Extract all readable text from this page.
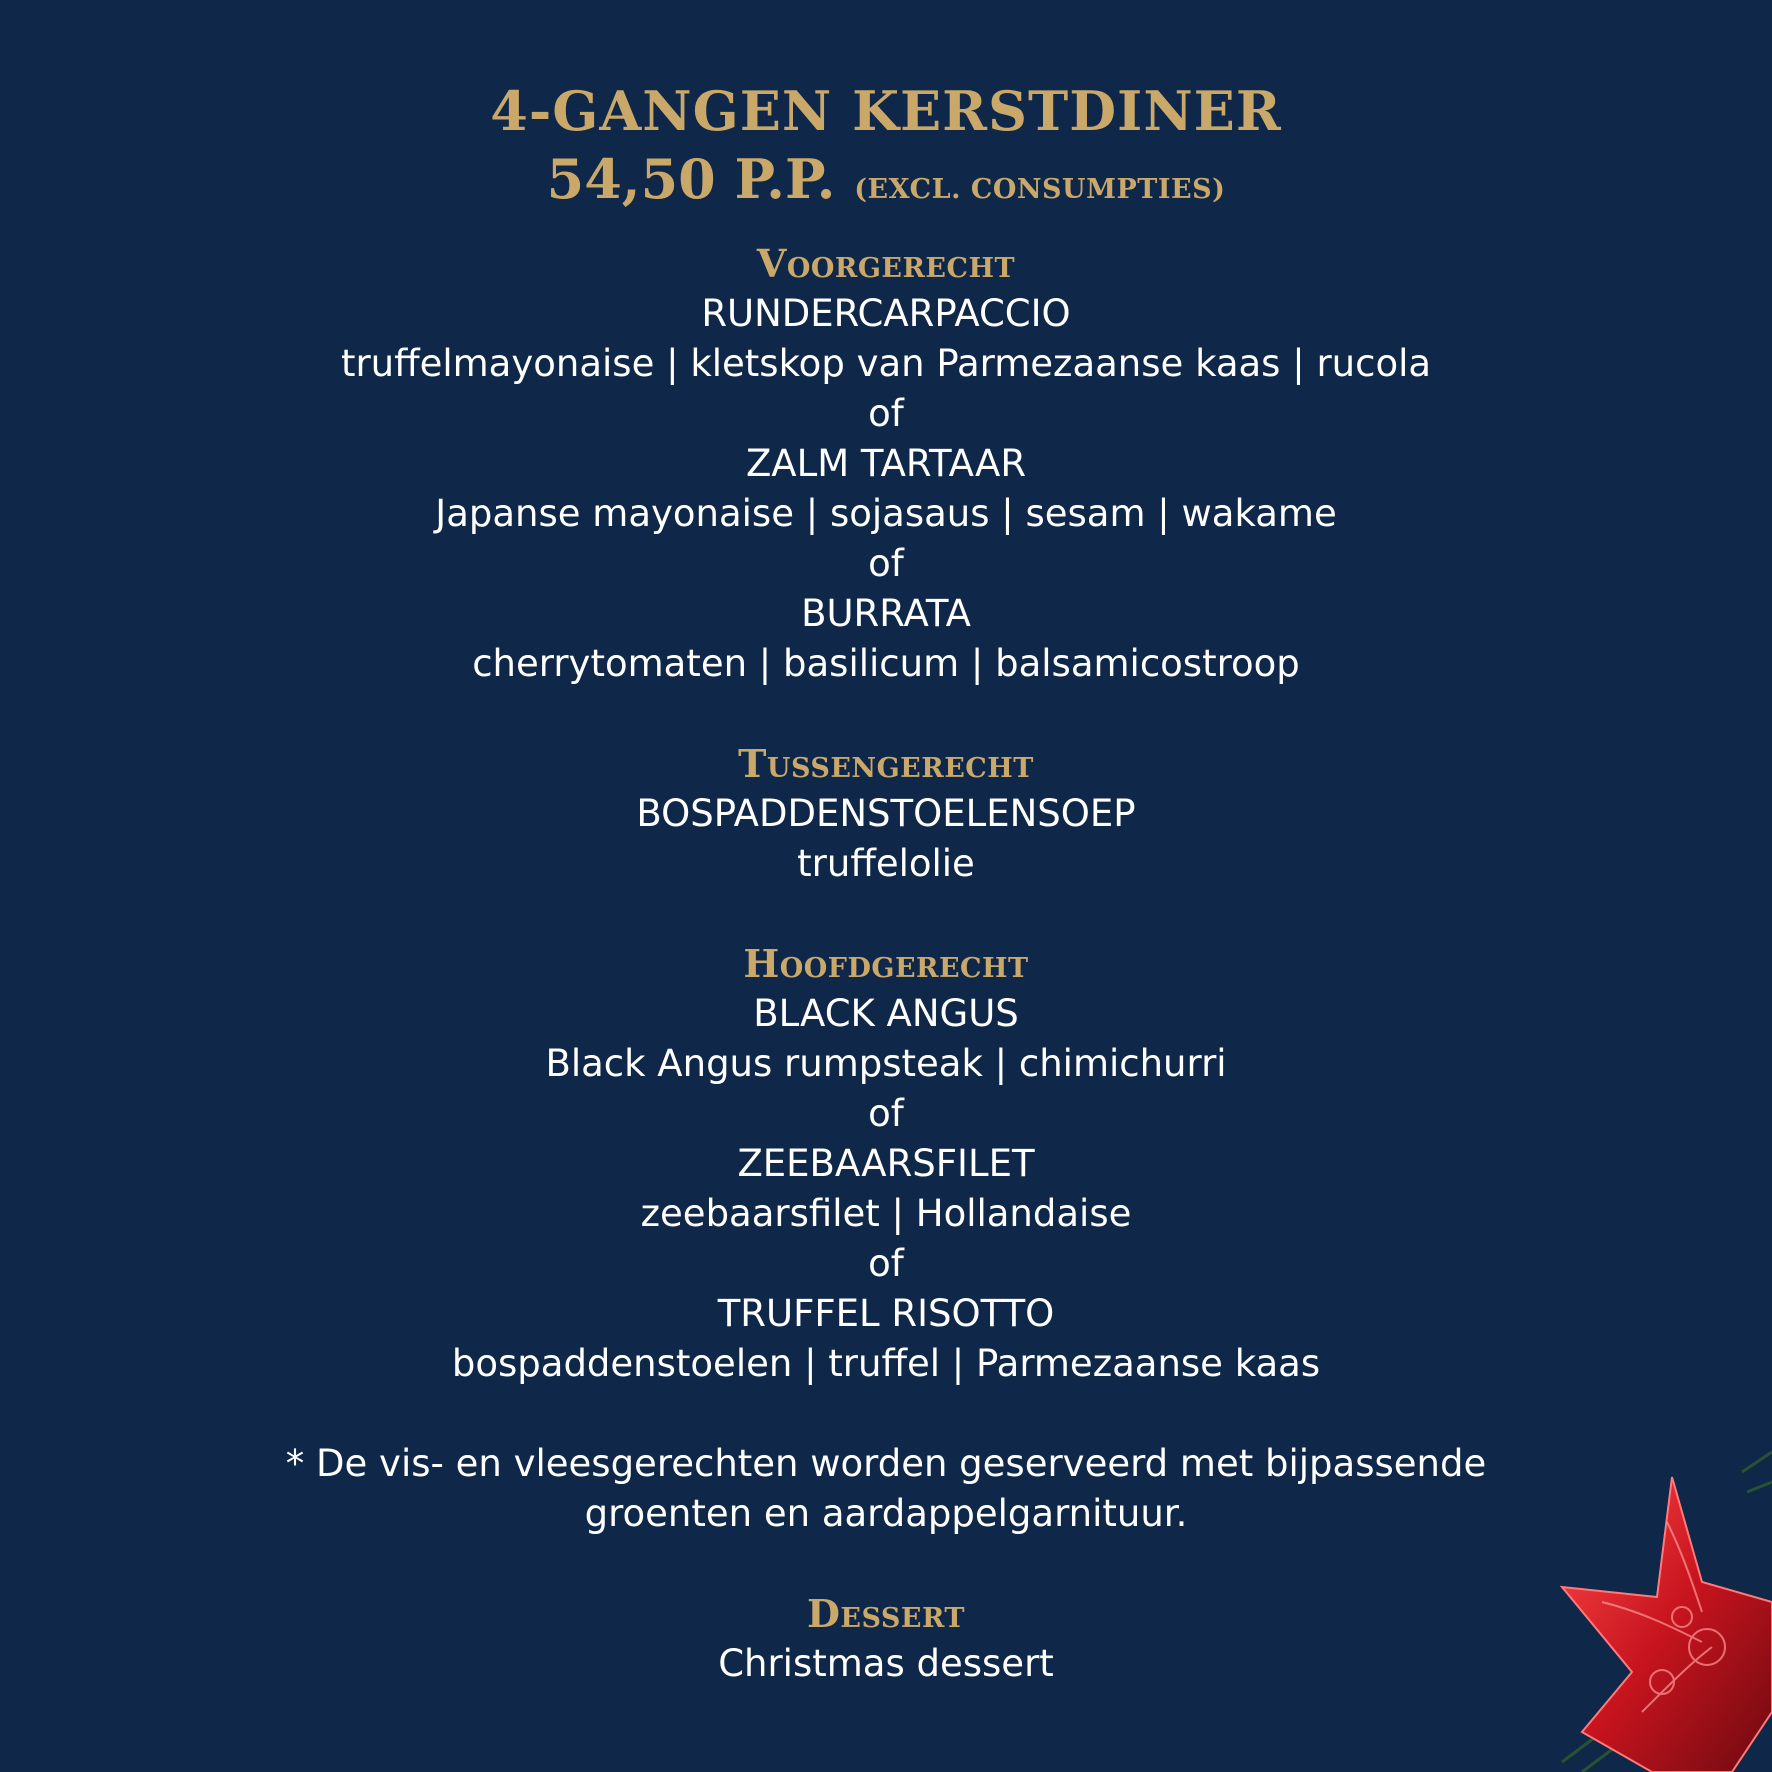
4-GANGEN KERSTDINER
54,50 P.P. (EXCL. CONSUMPTIES)

Voorgerecht

RUNDERCARPACCIO

truffelmayonaise | kletskop van Parmezaanse kaas | rucola

of

ZALM TARTAAR

Japanse mayonaise | sojasaus | sesam | wakame

of

BURRATA

cherrytomaten | basilicum | balsamicostroop

Tussengerecht

BOSPADDENSTOELENSOEP

truffelolie

Hoofdgerecht

BLACK ANGUS

Black Angus rumpsteak | chimichurri

of

ZEEBAARSFILET

zeebaarsfilet | Hollandaise

of

TRUFFEL RISOTTO

bospaddenstoelen | truffel | Parmezaanse kaas

* De vis- en vleesgerechten worden geserveerd met bijpassende

groenten en aardappelgarnituur.

Dessert

Christmas dessert
